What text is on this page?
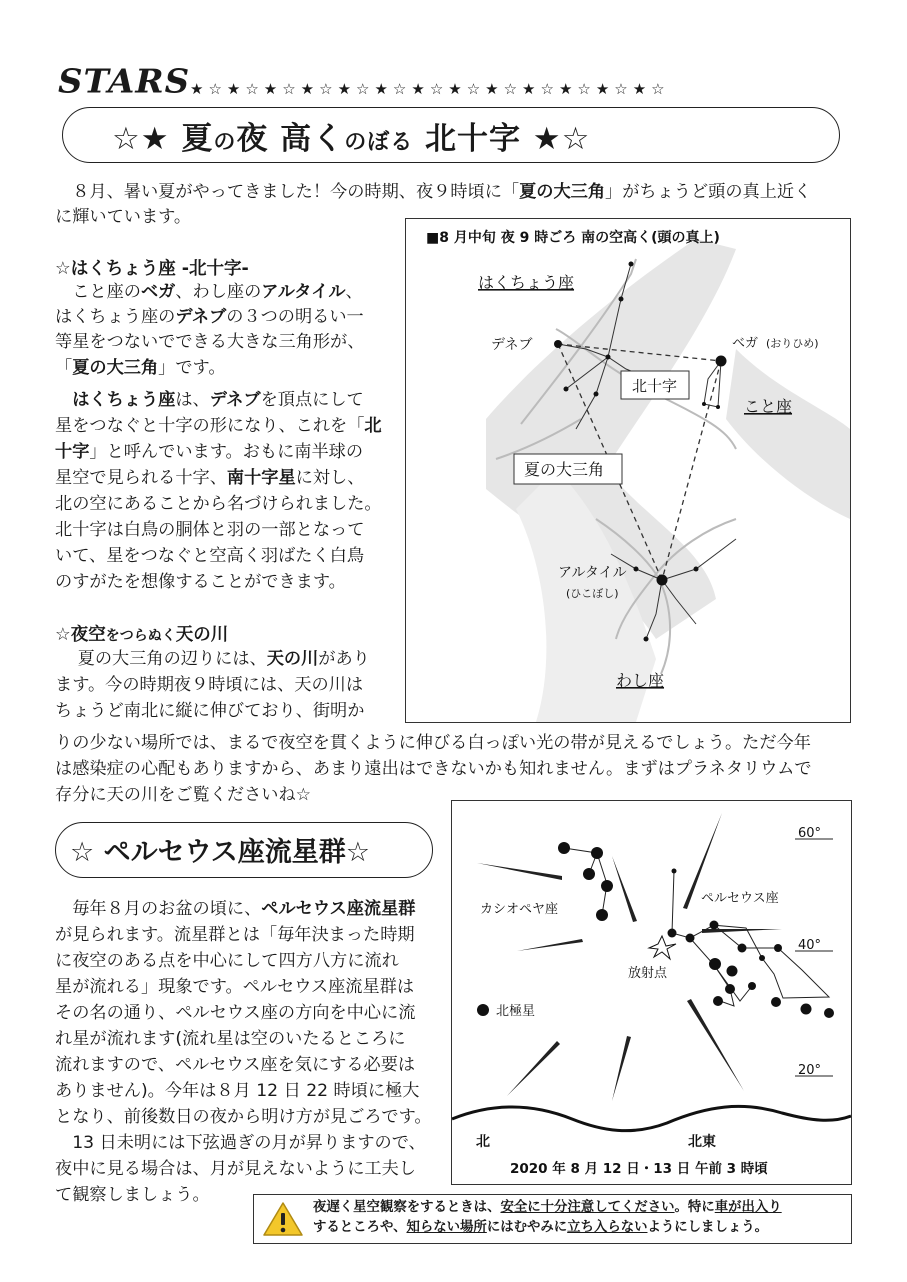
STARS ★☆★☆★☆★☆★☆★☆★☆★☆★☆★☆★☆★☆★☆
☆★ 夏の夜 高くのぼる 北十字 ★☆
　８月、暑い夏がやってきました！今の時期、夜９時頃に「夏の大三角」がちょうど頭の真上近く
に輝いています。
☆はくちょう座 -北十字-
　こと座のベガ、わし座のアルタイル、
はくちょう座のデネブの３つの明るい一
等星をつないでできる大きな三角形が、
「夏の大三角」です。
　はくちょう座は、デネブを頂点にして
星をつなぐと十字の形になり、これを「北
十字」と呼んでいます。おもに南半球の
星空で見られる十字、南十字星に対し、
北の空にあることから名づけられました。
北十字は白鳥の胴体と羽の一部となって
いて、星をつなぐと空高く羽ばたく白鳥
のすがたを想像することができます。
☆夜空をつらぬく天の川
　 夏の大三角の辺りには、天の川があり
ます。今の時期夜９時頃には、天の川は
ちょうど南北に縦に伸びており、街明か
りの少ない場所では、まるで夜空を貫くように伸びる白っぽい光の帯が見えるでしょう。ただ今年
は感染症の心配もありますから、あまり遠出はできないかも知れません。まずはプラネタリウムで
存分に天の川をご覧くださいね☆
■8 月中旬 夜 9 時ごろ 南の空高く(頭の真上)
はくちょう座
デネブ	ベガ (おりひめ)
北十字
こと座
夏の大三角
アルタイル
(ひこぼし)
わし座
☆ ペルセウス座流星群☆
　毎年８月のお盆の頃に、ペルセウス座流星群
が見られます。流星群とは「毎年決まった時期
に夜空のある点を中心にして四方八方に流れ
星が流れる」現象です。ペルセウス座流星群は
その名の通り、ペルセウス座の方向を中心に流
れ星が流れます(流れ星は空のいたるところに
流れますので、ペルセウス座を気にする必要は
ありません)。今年は８月 12 日 22 時頃に極大
となり、前後数日の夜から明け方が見ごろです。
　13 日未明には下弦過ぎの月が昇りますので、
夜中に見る場合は、月が見えないように工夫し
て観察しましょう。
60°
40°
20°
カシオペヤ座
ペルセウス座
放射点
北極星
北	北東
2020 年 8 月 12 日・13 日 午前 3 時頃
夜遅く星空観察をするときは、安全に十分注意してください。特に車が出入り
するところや、知らない場所にはむやみに立ち入らないようにしましょう。
